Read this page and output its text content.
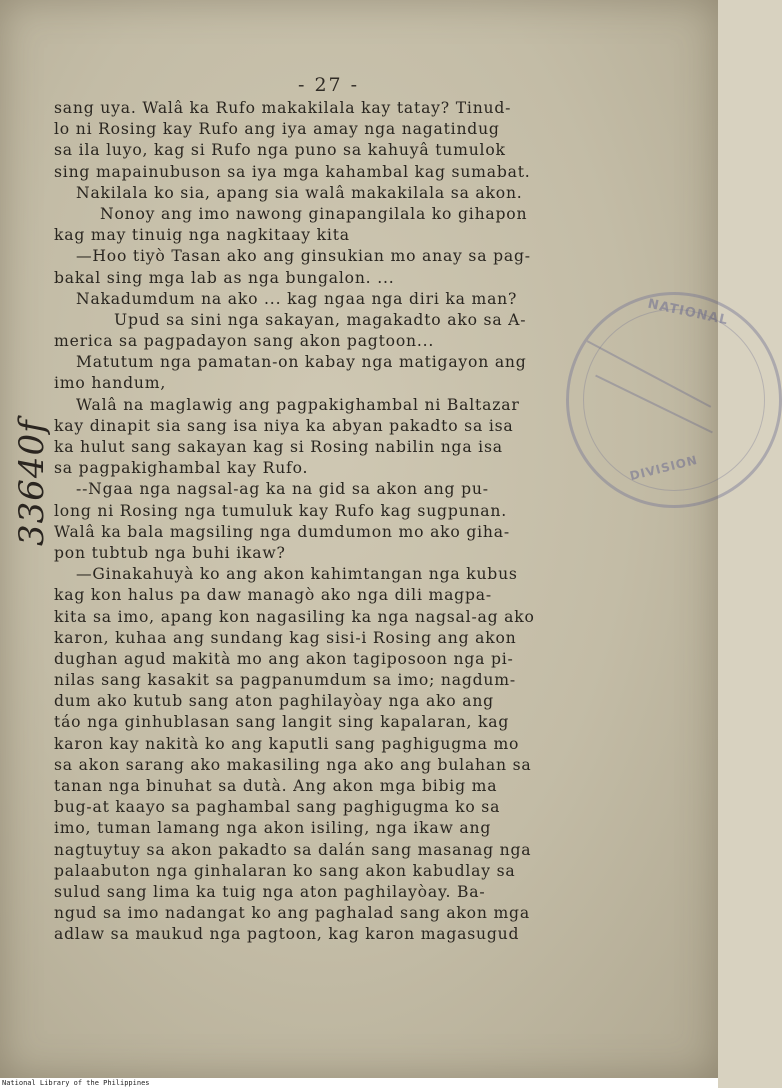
- 27 -
sang uya. Walâ ka Rufo makakilala kay tatay? Tinud-
lo ni Rosing kay Rufo ang iya amay nga nagatindug
sa ila luyo, kag si Rufo nga puno sa kahuyâ tumulok
sing mapainubuson sa iya mga kahambal kag sumabat.
Nakilala ko sia, apang sia walâ makakilala sa akon.
Nonoy ang imo nawong ginapangilala ko gihapon
kag may tinuig nga nagkitaay kita
—Hoo tiyò Tasan ako ang ginsukian mo anay sa pag-
bakal sing mga lab as nga bungalon. ...
Nakadumdum na ako ... kag ngaa nga diri ka man?
Upud sa sini nga sakayan, magakadto ako sa A-
merica sa pagpadayon sang akon pagtoon...
Matutum nga pamatan-on kabay nga matigayon ang
imo handum,
Walâ na maglawig ang pagpakighambal ni Baltazar
kay dinapit sia sang isa niya ka abyan pakadto sa isa
ka hulut sang sakayan kag si Rosing nabilin nga isa
sa pagpakighambal kay Rufo.
--Ngaa nga nagsal-ag ka na gid sa akon ang pu-
long ni Rosing nga tumuluk kay Rufo kag sugpunan.
Walâ ka bala magsiling nga dumdumon mo ako giha-
pon tubtub nga buhi ikaw?
—Ginakahuyà ko ang akon kahimtangan nga kubus
kag kon halus pa daw managò ako nga dili magpa-
kita sa imo, apang kon nagasiling ka nga nagsal-ag ako
karon, kuhaa ang sundang kag sisi-i Rosing ang akon
dughan agud makità mo ang akon tagiposoon nga pi-
nilas sang kasakit sa pagpanumdum sa imo; nagdum-
dum ako kutub sang aton paghilayòay nga ako ang
táo nga ginhublasan sang langit sing kapalaran, kag
karon kay nakità ko ang kaputli sang paghigugma mo
sa akon sarang ako makasiling nga ako ang bulahan sa
tanan nga binuhat sa dutà. Ang akon mga bibig ma
bug-at kaayo sa paghambal sang paghigugma ko sa
imo, tuman lamang nga akon isiling, nga ikaw ang
nagtuytuy sa akon pakadto sa dalán sang masanag nga
palaabuton nga ginhalaran ko sang akon kabudlay sa
sulud sang lima ka tuig nga aton paghilayòay. Ba-
ngud sa imo nadangat ko ang paghalad sang akon mga
adlaw sa maukud nga pagtoon, kag karon magasugud
33640f
NATIONAL
DIVISION
National Library of the Philippines
